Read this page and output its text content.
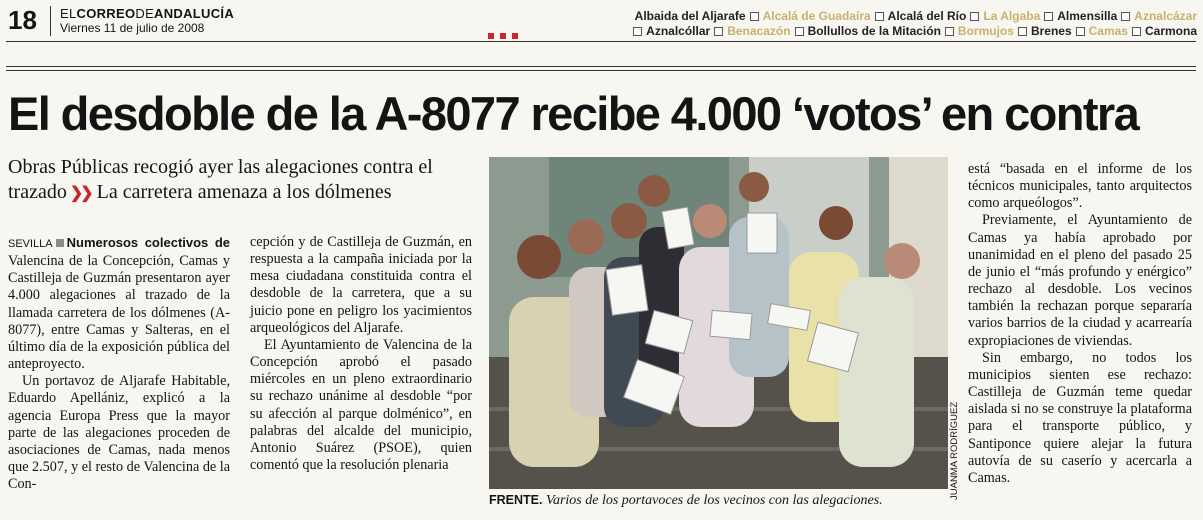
18 ELCORREODEANDALUCÍA
Viernes 11 de julio de 2008
Albaida del Aljarafe Alcalá de Guadaíra Alcalá del Río La Algaba Almensilla Aznalcázar
Aznalcóllar Benacazón Bollullos de la Mitación Bormujos Brenes Camas Carmona
El desdoble de la A-8077 recibe 4.000 ‘votos’ en contra
Obras Públicas recogió ayer las alegaciones contra el trazado ❯❯ La carretera amenaza a los dólmenes

SEVILLA Numerosos colectivos de Valencina de la Concepción, Camas y Castilleja de Guzmán presentaron ayer 4.000 alegaciones al trazado de la llamada carretera de los dólmenes (A-8077), entre Camas y Salteras, en el último día de la exposición pública del anteproyecto.

Un portavoz de Aljarafe Habitable, Eduardo Apellániz, explicó a la agencia Europa Press que la mayor parte de las alegaciones proceden de asociaciones de Camas, nada menos que 2.507, y el resto de Valencina de la Con-

cepción y de Castilleja de Guzmán, en respuesta a la campaña iniciada por la mesa ciudadana constituida contra el desdoble de la carretera, que a su juicio pone en peligro los yacimientos arqueológicos del Aljarafe.

El Ayuntamiento de Valencina de la Concepción aprobó el pasado miércoles en un pleno extraordinario su rechazo unánime al desdoble “por su afección al parque dolménico”, en palabras del alcalde del municipio, Antonio Suárez (PSOE), quien comentó que la resolución plenaria	JUANMA RODRÍGUEZ
FRENTE. Varios de los portavoces de los vecinos con las alegaciones.

está “basada en el informe de los técnicos municipales, tanto arquitectos como arqueólogos”.

Previamente, el Ayuntamiento de Camas ya había aprobado por unanimidad en el pleno del pasado 25 de junio el “más profundo y enérgico” rechazo al desdoble. Los vecinos también la rechazan porque separaría varios barrios de la ciudad y acarrearía expropiaciones de viviendas.

Sin embargo, no todos los municipios sienten ese rechazo: Castilleja de Guzmán teme quedar aislada si no se construye la plataforma para el transporte público, y Santiponce quiere alejar la futura autovía de su caserío y acercarla a Camas.
